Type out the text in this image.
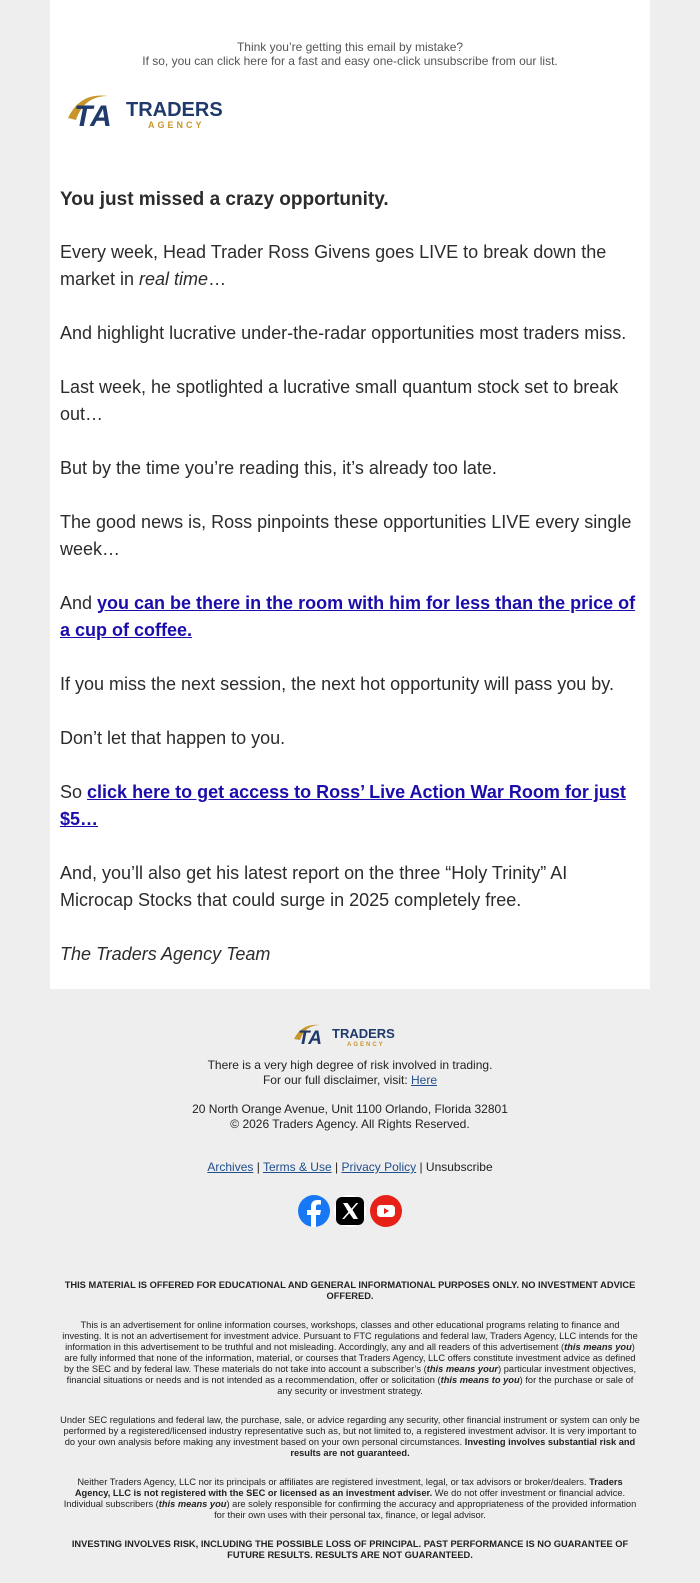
Think you’re getting this email by mistake?
If so, you can click here for a fast and easy one-click unsubscribe from our list.
TA TRADERS
AGENCY

You just missed a crazy opportunity.

Every week, Head Trader Ross Givens goes LIVE to break down the market in real time…

And highlight lucrative under-the-radar opportunities most traders miss.

Last week, he spotlighted a lucrative small quantum stock set to break out…

But by the time you’re reading this, it’s already too late.

The good news is, Ross pinpoints these opportunities LIVE every single week…

And you can be there in the room with him for less than the price of a cup of coffee.

If you miss the next session, the next hot opportunity will pass you by.

Don’t let that happen to you.

So click here to get access to Ross’ Live Action War Room for just $5…

And, you’ll also get his latest report on the three “Holy Trinity” AI Microcap Stocks that could surge in 2025 completely free.

The Traders Agency Team

TA TRADERS
AGENCY
There is a very high degree of risk involved in trading.
For our full disclaimer, visit: Here
20 North Orange Avenue, Unit 1100 Orlando, Florida 32801
© 2026 Traders Agency. All Rights Reserved.
Archives | Terms & Use | Privacy Policy | Unsubscribe

THIS MATERIAL IS OFFERED FOR EDUCATIONAL AND GENERAL INFORMATIONAL PURPOSES ONLY. NO INVESTMENT ADVICE OFFERED.

This is an advertisement for online information courses, workshops, classes and other educational programs relating to finance and investing. It is not an advertisement for investment advice. Pursuant to FTC regulations and federal law, Traders Agency, LLC intends for the information in this advertisement to be truthful and not misleading. Accordingly, any and all readers of this advertisement (this means you) are fully informed that none of the information, material, or courses that Traders Agency, LLC offers constitute investment advice as defined by the SEC and by federal law. These materials do not take into account a subscriber’s (this means your) particular investment objectives, financial situations or needs and is not intended as a recommendation, offer or solicitation (this means to you) for the purchase or sale of any security or investment strategy.

Under SEC regulations and federal law, the purchase, sale, or advice regarding any security, other financial instrument or system can only be performed by a registered/licensed industry representative such as, but not limited to, a registered investment advisor. It is very important to do your own analysis before making any investment based on your own personal circumstances. Investing involves substantial risk and results are not guaranteed.

Neither Traders Agency, LLC nor its principals or affiliates are registered investment, legal, or tax advisors or broker/dealers. Traders Agency, LLC is not registered with the SEC or licensed as an investment adviser. We do not offer investment or financial advice. Individual subscribers (this means you) are solely responsible for confirming the accuracy and appropriateness of the provided information for their own uses with their personal tax, finance, or legal advisor.

INVESTING INVOLVES RISK, INCLUDING THE POSSIBLE LOSS OF PRINCIPAL. PAST PERFORMANCE IS NO GUARANTEE OF FUTURE RESULTS. RESULTS ARE NOT GUARANTEED.
